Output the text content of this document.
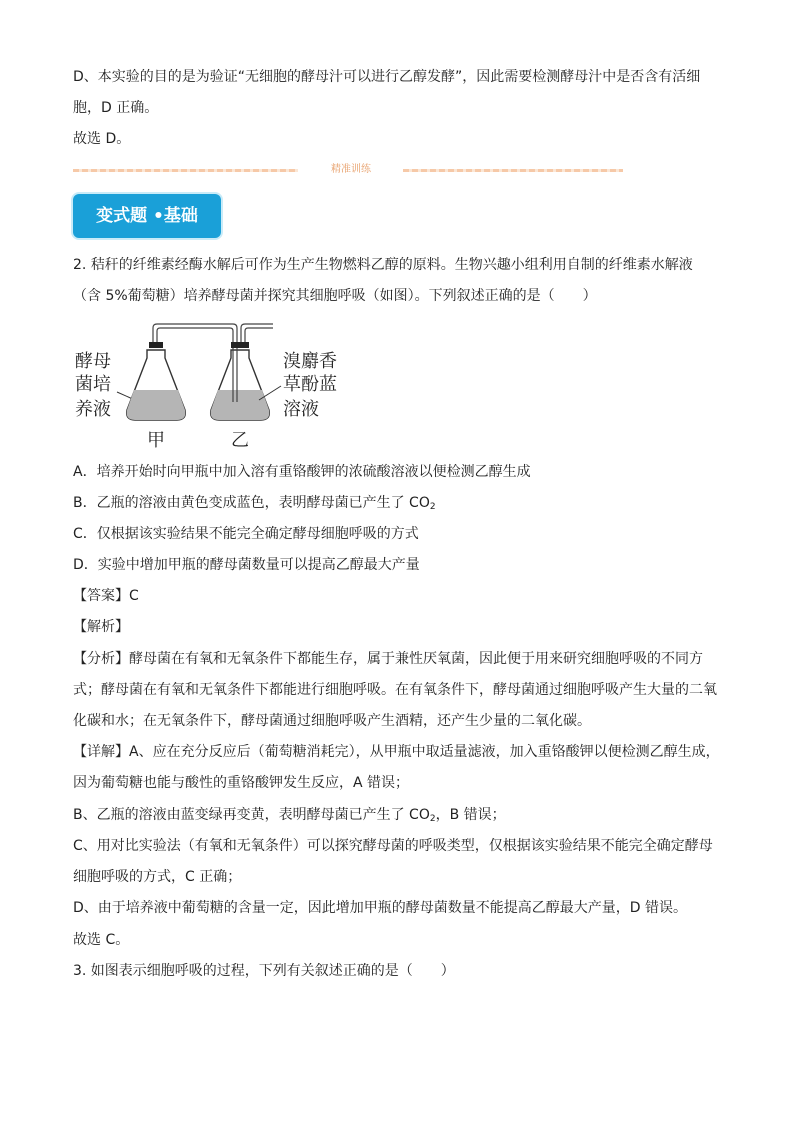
D、本实验的目的是为验证“无细胞的酵母汁可以进行乙醇发酵”，因此需要检测酵母汁中是否含有活细
胞，D 正确。
故选 D。
精准训练
变式题 •基础
2. 秸秆的纤维素经酶水解后可作为生产生物燃料乙醇的原料。生物兴趣小组利用自制的纤维素水解液
（含 5%葡萄糖）培养酵母菌并探究其细胞呼吸（如图）。下列叙述正确的是（　　）
酵母
菌培
养液
溴麝香
草酚蓝
溶液
甲	乙
A．培养开始时向甲瓶中加入溶有重铬酸钾的浓硫酸溶液以便检测乙醇生成
B．乙瓶的溶液由黄色变成蓝色，表明酵母菌已产生了 $CO_2$
C．仅根据该实验结果不能完全确定酵母细胞呼吸的方式
D．实验中增加甲瓶的酵母菌数量可以提高乙醇最大产量
【答案】C
【解析】
【分析】酵母菌在有氧和无氧条件下都能生存，属于兼性厌氧菌，因此便于用来研究细胞呼吸的不同方
式；酵母菌在有氧和无氧条件下都能进行细胞呼吸。在有氧条件下，酵母菌通过细胞呼吸产生大量的二氧
化碳和水；在无氧条件下，酵母菌通过细胞呼吸产生酒精，还产生少量的二氧化碳。
【详解】A、应在充分反应后（葡萄糖消耗完），从甲瓶中取适量滤液，加入重铬酸钾以便检测乙醇生成，
因为葡萄糖也能与酸性的重铬酸钾发生反应，A 错误；
B、乙瓶的溶液由蓝变绿再变黄，表明酵母菌已产生了 $CO_2$，B 错误；
C、用对比实验法（有氧和无氧条件）可以探究酵母菌的呼吸类型，仅根据该实验结果不能完全确定酵母
细胞呼吸的方式，C 正确；
D、由于培养液中葡萄糖的含量一定，因此增加甲瓶的酵母菌数量不能提高乙醇最大产量，D 错误。
故选 C。
3. 如图表示细胞呼吸的过程，下列有关叙述正确的是（　　）
